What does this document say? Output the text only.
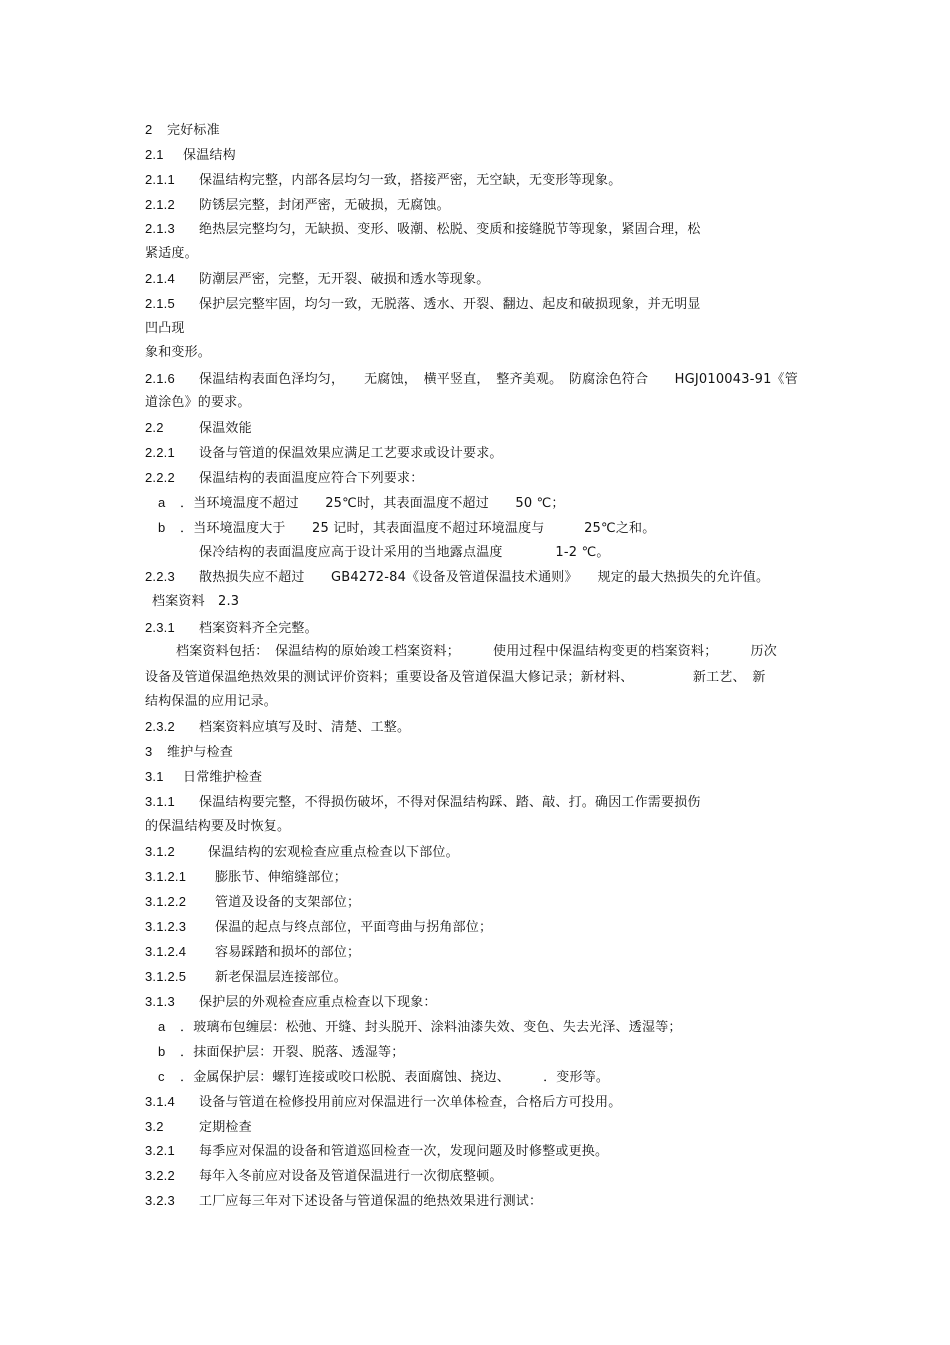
2 完好标准
2.1 保温结构
2.1.1 保温结构完整，内部各层均匀一致，搭接严密，无空缺，无变形等现象。
2.1.2 防锈层完整，封闭严密，无破损，无腐蚀。
2.1.3 绝热层完整均匀，无缺损、变形、吸潮、松脱、变质和接缝脱节等现象，紧固合理，松
紧适度。
2.1.4 防潮层严密，完整，无开裂、破损和透水等现象。
2.1.5 保护层完整牢固，均匀一致，无脱落、透水、开裂、翻边、起皮和破损现象，并无明显
凹凸现
象和变形。
2.1.6 保温结构表面色泽均匀，　　无腐蚀，　横平竖直，　整齐美观。　防腐涂色符合　　HGJ010043-91《管
道涂色》的要求。
2.2	保温效能
2.2.1 设备与管道的保温效果应满足工艺要求或设计要求。
2.2.2 保温结构的表面温度应符合下列要求：
a ．当环境温度不超过　　25℃时，其表面温度不超过　　50 ℃；
b ．当环境温度大于　　25 记时，其表面温度不超过环境温度与　　　25℃之和。
保冷结构的表面温度应高于设计采用的当地露点温度　　　　1-2 ℃。
2.2.3 散热损失应不超过　　GB4272-84《设备及管道保温技术通则》　　规定的最大热损失的允许值。
档案资料　2.3
2.3.1 档案资料齐全完整。
档案资料包括：　保温结构的原始竣工档案资料；　　　使用过程中保温结构变更的档案资料；　　　历次
设备及管道保温绝热效果的测试评价资料；重要设备及管道保温大修记录；新材料、　　　　　新工艺、　新
结构保温的应用记录。
2.3.2 档案资料应填写及时、清楚、工整。
3 维护与检查
3.1 日常维护检查
3.1.1 保温结构要完整，不得损伤破坏，不得对保温结构踩、踏、敲、打。确因工作需要损伤
的保温结构要及时恢复。
3.1.2	保温结构的宏观检查应重点检查以下部位。
3.1.2.1 膨胀节、伸缩缝部位；
3.1.2.2 管道及设备的支架部位；
3.1.2.3 保温的起点与终点部位，平面弯曲与拐角部位；
3.1.2.4 容易踩踏和损坏的部位；
3.1.2.5 新老保温层连接部位。
3.1.3 保护层的外观检查应重点检查以下现象：
a ．玻璃布包缠层：松弛、开缝、封头脱开、涂料油漆失效、变色、失去光泽、透湿等；
b ．抹面保护层：开裂、脱落、透湿等；
c ．金属保护层：螺钉连接或咬口松脱、表面腐蚀、挠边、　　　．变形等。
3.1.4 设备与管道在检修投用前应对保温进行一次单体检查，合格后方可投用。
3.2	定期检查
3.2.1 每季应对保温的设备和管道巡回检查一次，发现问题及时修整或更换。
3.2.2 每年入冬前应对设备及管道保温进行一次彻底整顿。
3.2.3 工厂应每三年对下述设备与管道保温的绝热效果进行测试：
